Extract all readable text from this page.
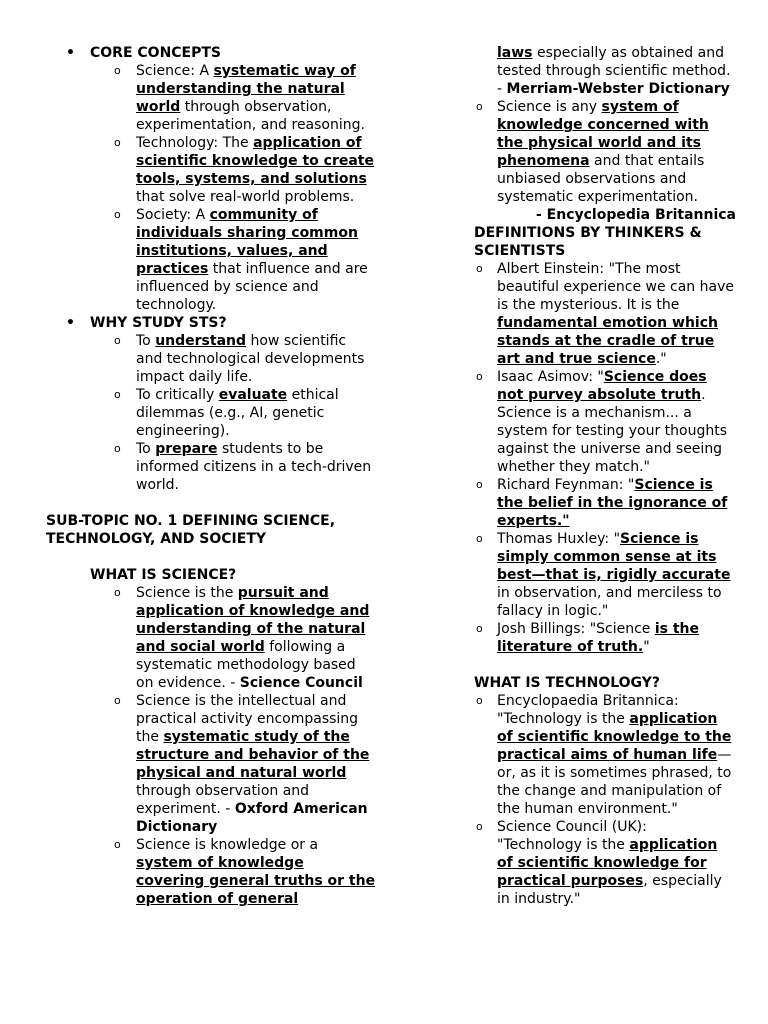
• CORE CONCEPTS
o Science: A systematic way of understanding the natural world through observation, experimentation, and reasoning.
o Technology: The application of scientific knowledge to create tools, systems, and solutions that solve real-world problems.
o Society: A community of individuals sharing common institutions, values, and practices that influence and are influenced by science and technology.
• WHY STUDY STS?
o To understand how scientific and technological developments impact daily life.
o To critically evaluate ethical dilemmas (e.g., AI, genetic engineering).
o To prepare students to be informed citizens in a tech-driven world.
SUB-TOPIC NO. 1 DEFINING SCIENCE, TECHNOLOGY, AND SOCIETY
WHAT IS SCIENCE?
o Science is the pursuit and application of knowledge and understanding of the natural and social world following a systematic methodology based on evidence. - Science Council
o Science is the intellectual and practical activity encompassing the systematic study of the structure and behavior of the physical and natural world through observation and experiment. - Oxford American Dictionary
o Science is knowledge or a system of knowledge covering general truths or the operation of general
laws especially as obtained and tested through scientific method. - Merriam-Webster Dictionary
o Science is any system of knowledge concerned with the physical world and its phenomena and that entails unbiased observations and systematic experimentation.
- Encyclopedia Britannica
DEFINITIONS BY THINKERS & SCIENTISTS
o Albert Einstein: "The most beautiful experience we can have is the mysterious. It is the fundamental emotion which stands at the cradle of true art and true science."
o Isaac Asimov: "Science does not purvey absolute truth. Science is a mechanism... a system for testing your thoughts against the universe and seeing whether they match."
o Richard Feynman: "Science is the belief in the ignorance of experts."
o Thomas Huxley: "Science is simply common sense at its best—that is, rigidly accurate in observation, and merciless to fallacy in logic."
o Josh Billings: "Science is the literature of truth."
WHAT IS TECHNOLOGY?
o Encyclopaedia Britannica: "Technology is the application of scientific knowledge to the practical aims of human life—or, as it is sometimes phrased, to the change and manipulation of the human environment."
o Science Council (UK): "Technology is the application of scientific knowledge for practical purposes, especially in industry."
